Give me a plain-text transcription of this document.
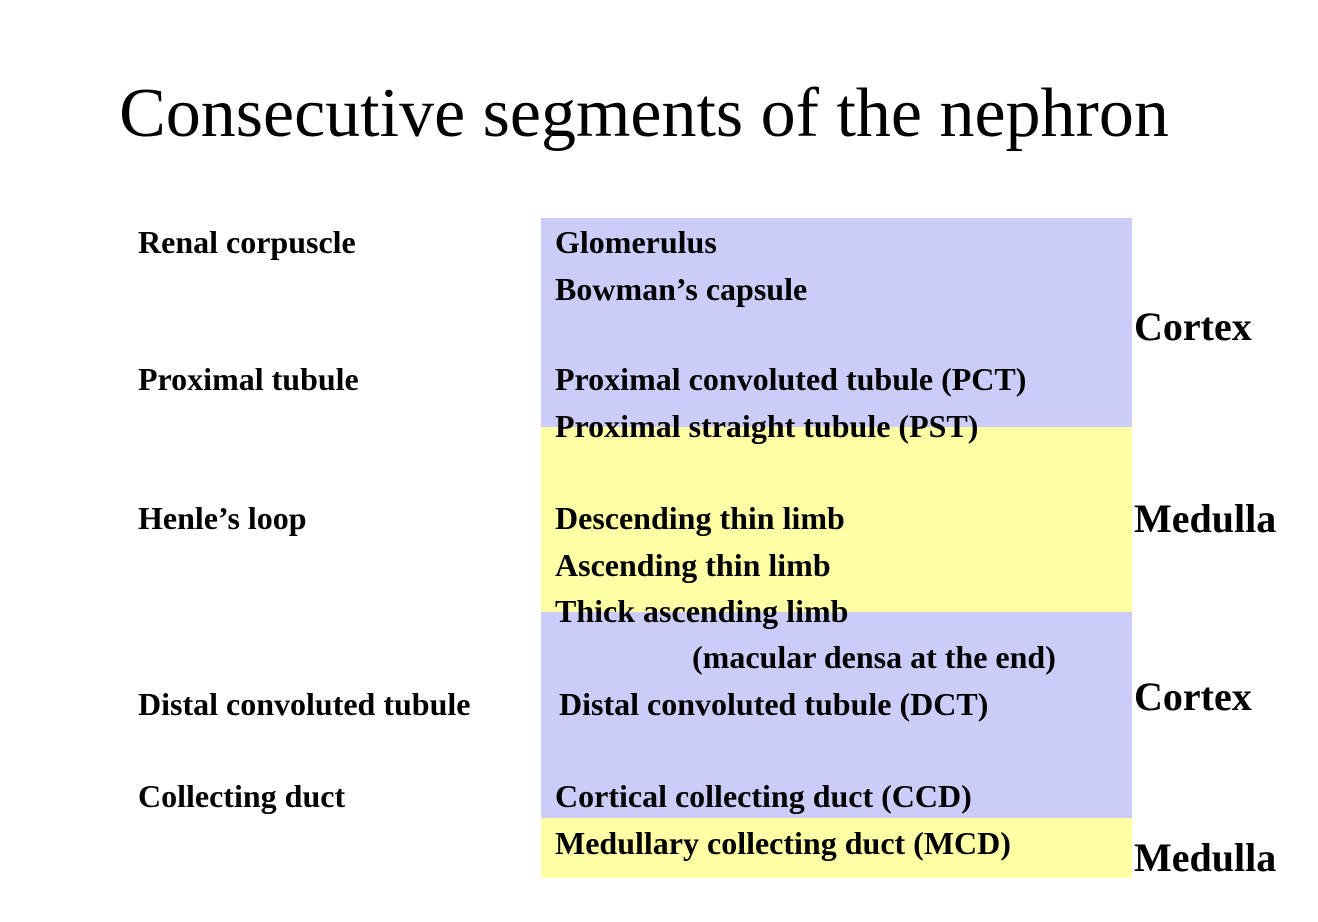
Consecutive segments of the nephron
Renal corpuscle
Proximal tubule
Henle’s loop
Distal convoluted tubule
Collecting duct
Glomerulus
Bowman’s capsule
Proximal convoluted tubule (PCT)
Proximal straight tubule (PST)
Descending thin limb
Ascending thin limb
Thick ascending limb
(macular densa at the end)
Distal convoluted tubule (DCT)
Cortical collecting duct (CCD)
Medullary collecting duct (MCD)
Cortex
Medulla
Cortex
Medulla
